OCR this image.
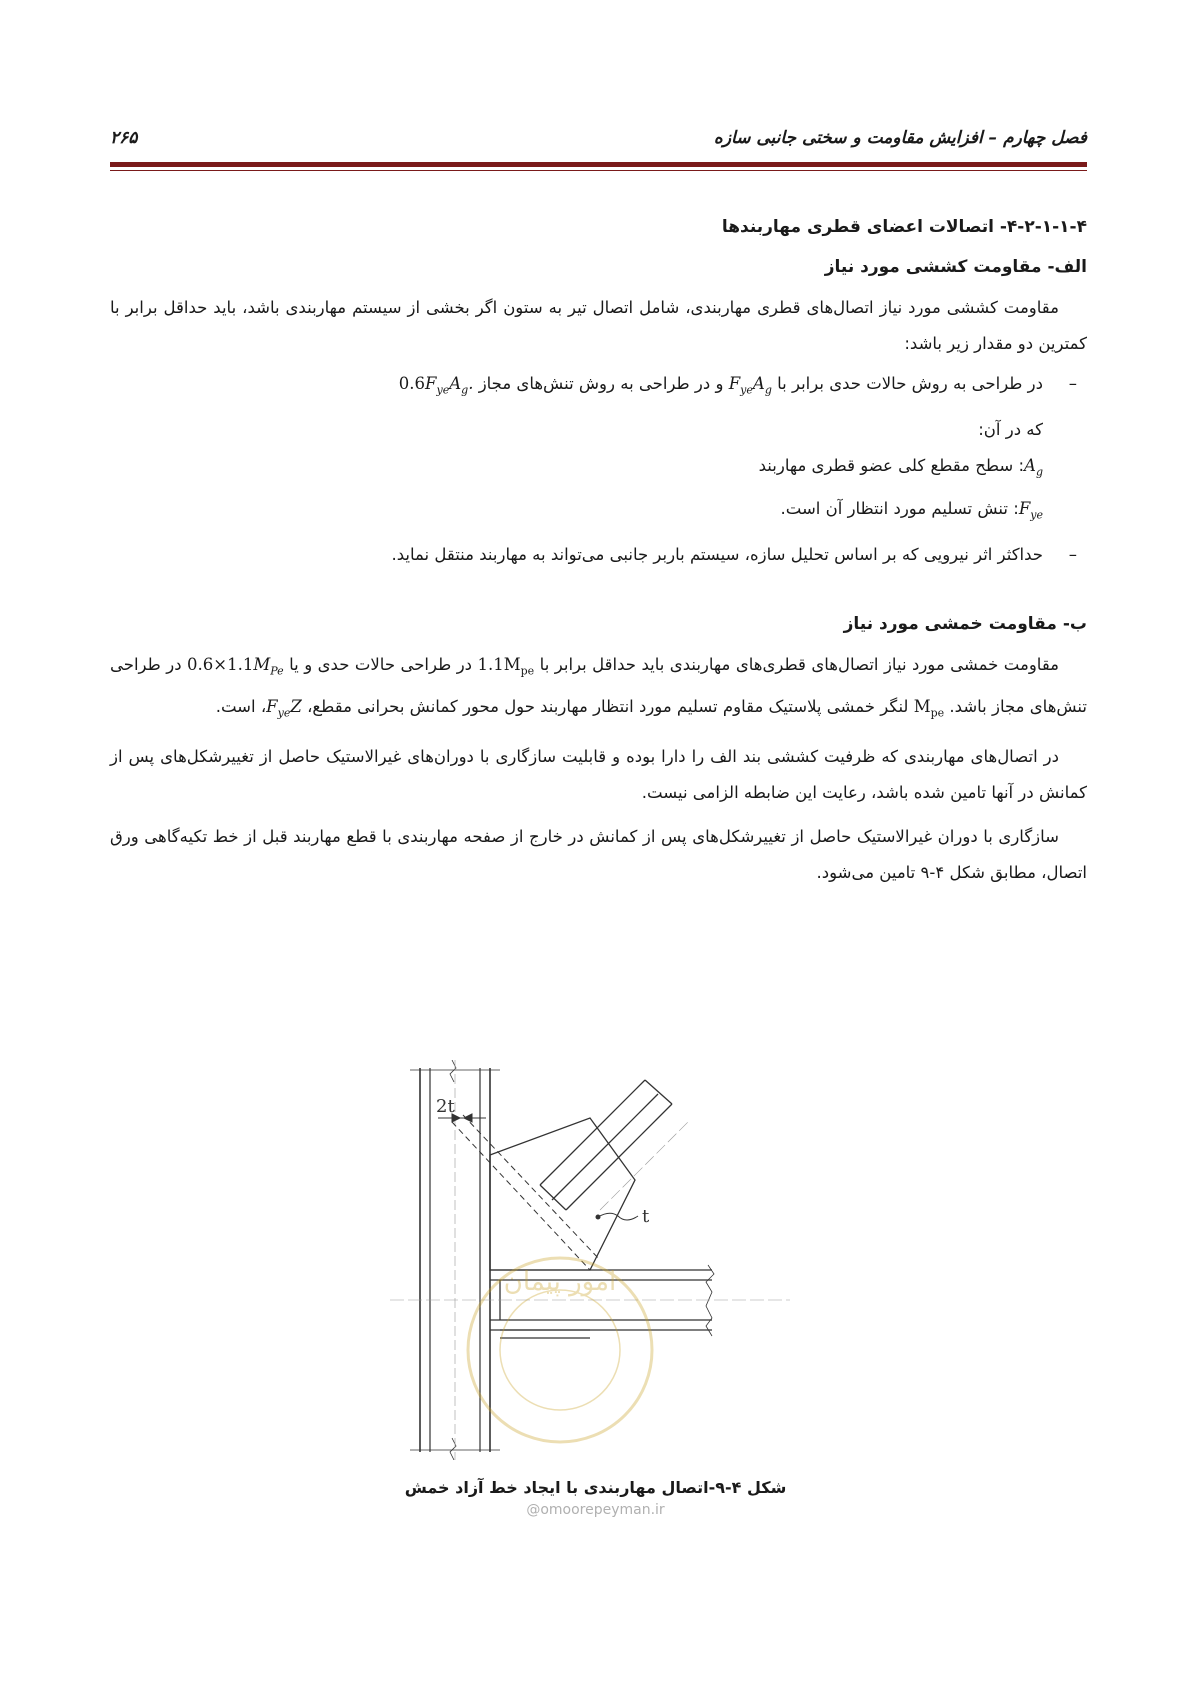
فصل چهارم – افزایش مقاومت و سختی جانبی سازه
۲۶۵
۴-۲-۱-۱-۴- اتصالات اعضای قطری مهاربندها
الف- مقاومت کششی مورد نیاز

مقاومت کششی مورد نیاز اتصال‌های قطری مهاربندی، شامل اتصال تیر به ستون اگر بخشی از سیستم مهاربندی باشد، باید حداقل برابر با کمترین دو مقدار زیر باشد:

–
در طراحی به روش حالات حدی برابر با $F_{ye}A_g$ و در طراحی به روش تنش‌های مجاز $0.6F_{ye}A_g$.

که در آن:

$A_g$: سطح مقطع کلی عضو قطری مهاربند

$F_{ye}$: تنش تسلیم مورد انتظار آن است.

–
حداکثر اثر نیرویی که بر اساس تحلیل سازه، سیستم باربر جانبی می‌تواند به مهاربند منتقل نماید.
ب- مقاومت خمشی مورد نیاز

مقاومت خمشی مورد نیاز اتصال‌های قطری‌های مهاربندی باید حداقل برابر با $1.1M_{pe}$ در طراحی حالات حدی و یا $0.6\times 1.1M_{Pe}$ در طراحی تنش‌های مجاز باشد. $M_{pe}$ لنگر خمشی پلاستیک مقاوم تسلیم مورد انتظار مهاربند حول محور کمانش بحرانی مقطع، $F_{ye}Z،$ است.

در اتصال‌های مهاربندی که ظرفیت کششی بند الف را دارا بوده و قابلیت سازگاری با دوران‌های غیرالاستیک حاصل از تغییرشکل‌های پس از کمانش در آنها تامین شده باشد، رعایت این ضابطه الزامی نیست.

سازگاری با دوران غیرالاستیک حاصل از تغییرشکل‌های پس از کمانش در خارج از صفحه مهاربندی با قطع مهاربند قبل از خط تکیه‌گاهی ورق اتصال، مطابق شکل ۴-۹ تامین می‌شود.

2t
t
امور پیمان
شکل ۴-۹-اتصال مهاربندی با ایجاد خط آزاد خمش
@omoorepeyman.ir
